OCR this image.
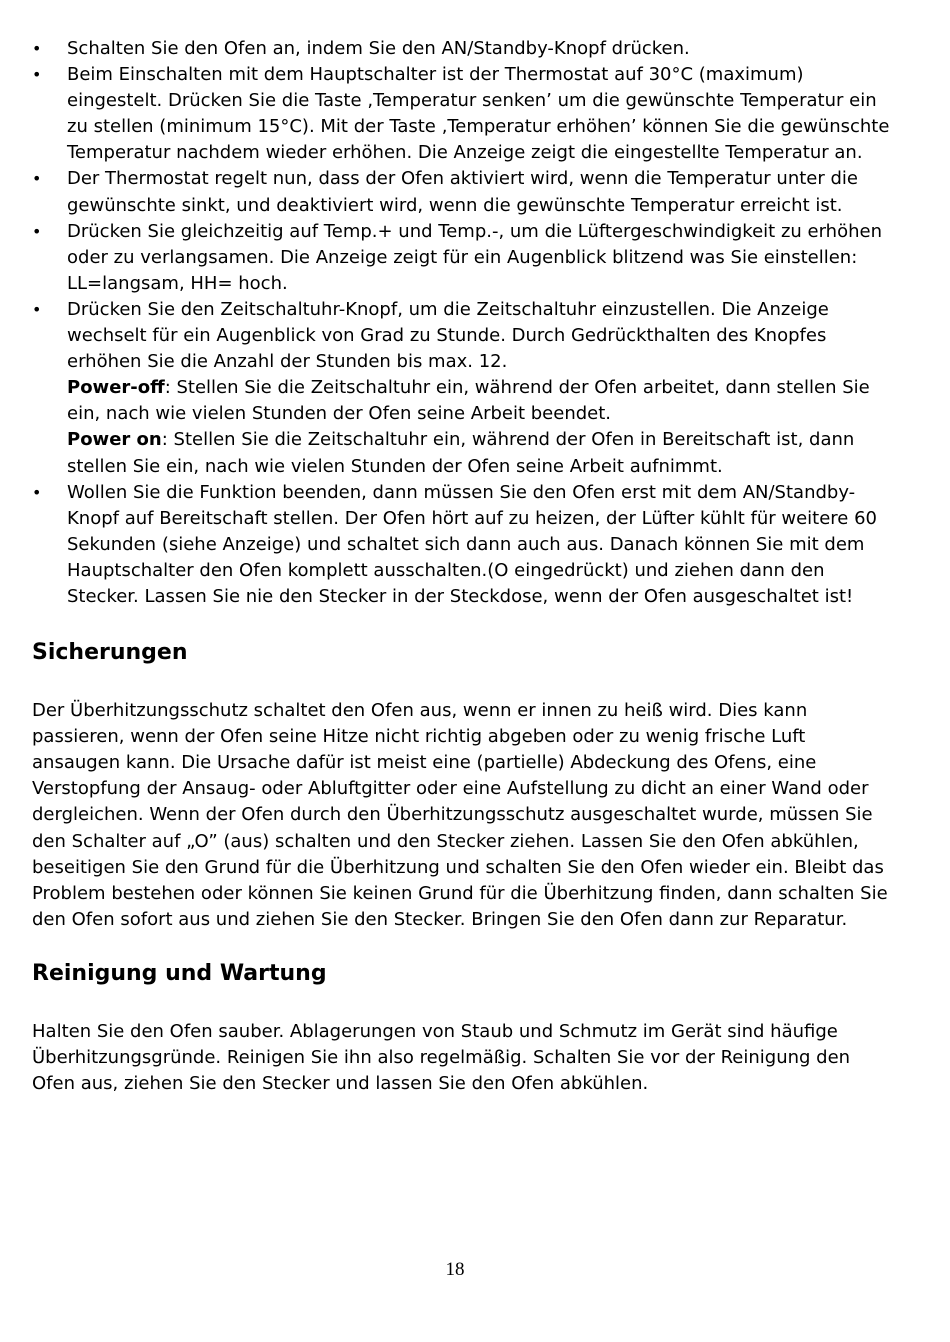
• Schalten Sie den Ofen an, indem Sie den AN/Standby-Knopf drücken.
• Beim Einschalten mit dem Hauptschalter ist der Thermostat auf 30°C (maximum) eingestelt. Drücken Sie die Taste ‚Temperatur senken’ um die gewünschte Temperatur ein zu stellen (minimum 15°C). Mit der Taste ‚Temperatur erhöhen’ können Sie die gewünschte Temperatur nachdem wieder erhöhen. Die Anzeige zeigt die eingestellte Temperatur an.
• Der Thermostat regelt nun, dass der Ofen aktiviert wird, wenn die Temperatur unter die gewünschte sinkt, und deaktiviert wird, wenn die gewünschte Temperatur erreicht ist.
• Drücken Sie gleichzeitig auf Temp.+ und Temp.-, um die Lüftergeschwindigkeit zu erhöhen oder zu verlangsamen. Die Anzeige zeigt für ein Augenblick blitzend was Sie einstellen: LL=langsam, HH= hoch.
• Drücken Sie den Zeitschaltuhr-Knopf, um die Zeitschaltuhr einzustellen. Die Anzeige wechselt für ein Augenblick von Grad zu Stunde. Durch Gedrückthalten des Knopfes erhöhen Sie die Anzahl der Stunden bis max. 12.
Power-off: Stellen Sie die Zeitschaltuhr ein, während der Ofen arbeitet, dann stellen Sie ein, nach wie vielen Stunden der Ofen seine Arbeit beendet.
Power on: Stellen Sie die Zeitschaltuhr ein, während der Ofen in Bereitschaft ist, dann stellen Sie ein, nach wie vielen Stunden der Ofen seine Arbeit aufnimmt.
• Wollen Sie die Funktion beenden, dann müssen Sie den Ofen erst mit dem AN/Standby-Knopf auf Bereitschaft stellen. Der Ofen hört auf zu heizen, der Lüfter kühlt für weitere 60 Sekunden (siehe Anzeige) und schaltet sich dann auch aus. Danach können Sie mit dem Hauptschalter den Ofen komplett ausschalten.(O eingedrückt) und ziehen dann den Stecker. Lassen Sie nie den Stecker in der Steckdose, wenn der Ofen ausgeschaltet ist!
Sicherungen

Der Überhitzungsschutz schaltet den Ofen aus, wenn er innen zu heiß wird. Dies kann passieren, wenn der Ofen seine Hitze nicht richtig abgeben oder zu wenig frische Luft ansaugen kann. Die Ursache dafür ist meist eine (partielle) Abdeckung des Ofens, eine Verstopfung der Ansaug- oder Abluftgitter oder eine Aufstellung zu dicht an einer Wand oder dergleichen. Wenn der Ofen durch den Überhitzungsschutz ausgeschaltet wurde, müssen Sie den Schalter auf „O” (aus) schalten und den Stecker ziehen. Lassen Sie den Ofen abkühlen, beseitigen Sie den Grund für die Überhitzung und schalten Sie den Ofen wieder ein. Bleibt das Problem bestehen oder können Sie keinen Grund für die Überhitzung finden, dann schalten Sie den Ofen sofort aus und ziehen Sie den Stecker. Bringen Sie den Ofen dann zur Reparatur.

Reinigung und Wartung

Halten Sie den Ofen sauber. Ablagerungen von Staub und Schmutz im Gerät sind häufige Überhitzungsgründe. Reinigen Sie ihn also regelmäßig. Schalten Sie vor der Reinigung den Ofen aus, ziehen Sie den Stecker und lassen Sie den Ofen abkühlen.

18
